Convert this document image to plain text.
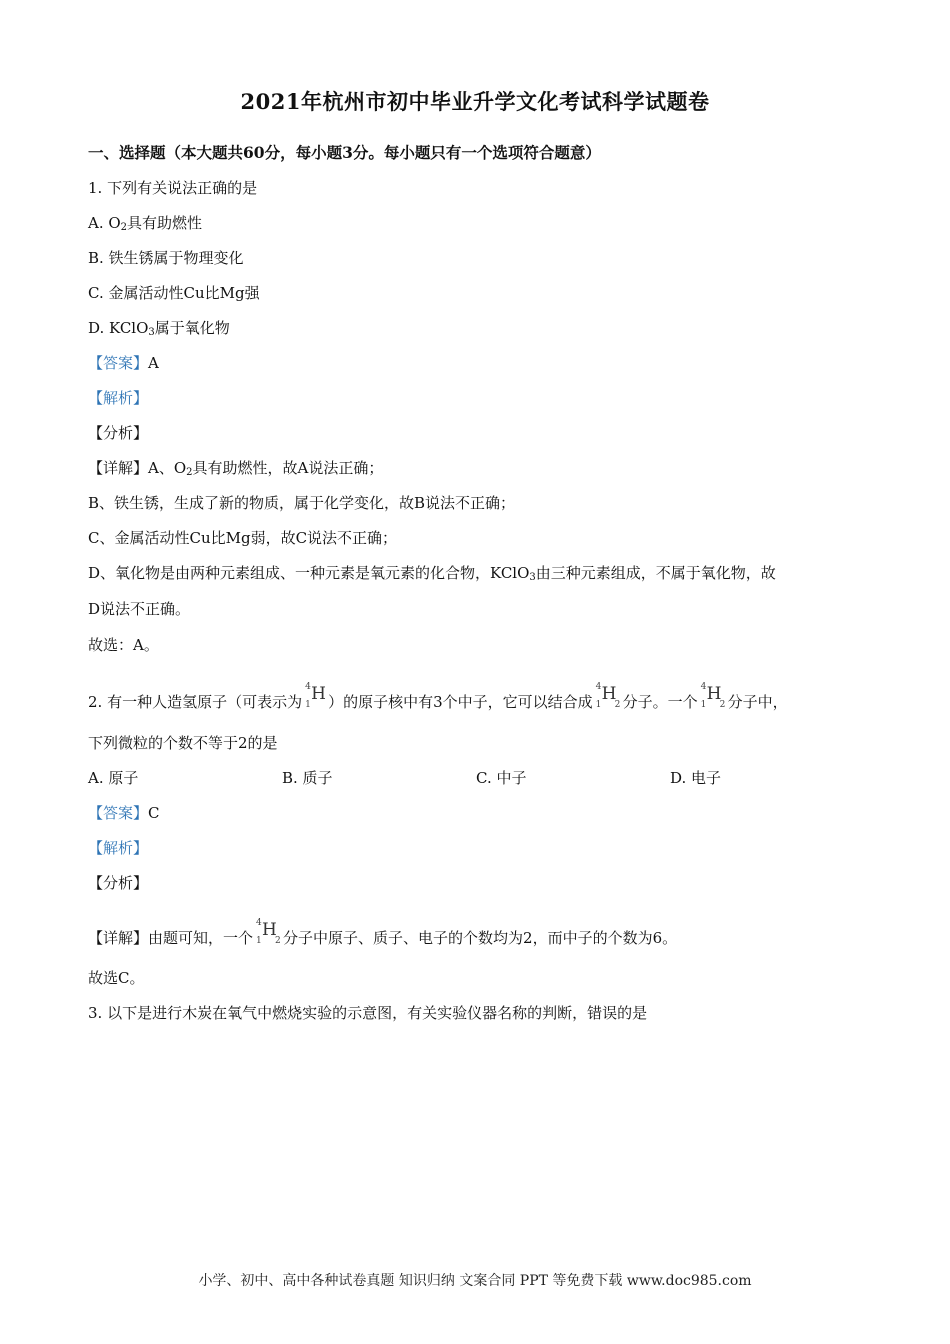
2021年杭州市初中毕业升学文化考试科学试题卷
一、选择题（本大题共60分，每小题3分。每小题只有一个选项符合题意）
1. 下列有关说法正确的是
A. $O_2$具有助燃性
B. 铁生锈属于物理变化
C. 金属活动性Cu比Mg强
D. KClO$_3$属于氧化物
【答案】A
【解析】
【分析】
【详解】A、$O_2$具有助燃性，故A说法正确；
B、铁生锈，生成了新的物质，属于化学变化，故B说法不正确；
C、金属活动性Cu比Mg弱，故C说法不正确；
D、氧化物是由两种元素组成、一种元素是氧元素的化合物，KClO$_3$由三种元素组成，不属于氧化物，故
D说法不正确。
故选：A。
2. 有一种人造氢原子（可表示为
4
1
H ）的原子核中有3个中子，它可以结合成
4
1
H
2 分子。一个
4
1
H
2 分子中，
下列微粒的个数不等于2的是
A. 原子	B. 质子	C. 中子	D. 电子
【答案】C
【解析】
【分析】
【详解】由题可知，一个
4
1
H
2 分子中原子、质子、电子的个数均为2，而中子的个数为6。
故选C。
3. 以下是进行木炭在氧气中燃烧实验的示意图，有关实验仪器名称的判断，错误的是
小学、初中、高中各种试卷真题 知识归纳 文案合同 PPT 等免费下载 www.doc985.com
